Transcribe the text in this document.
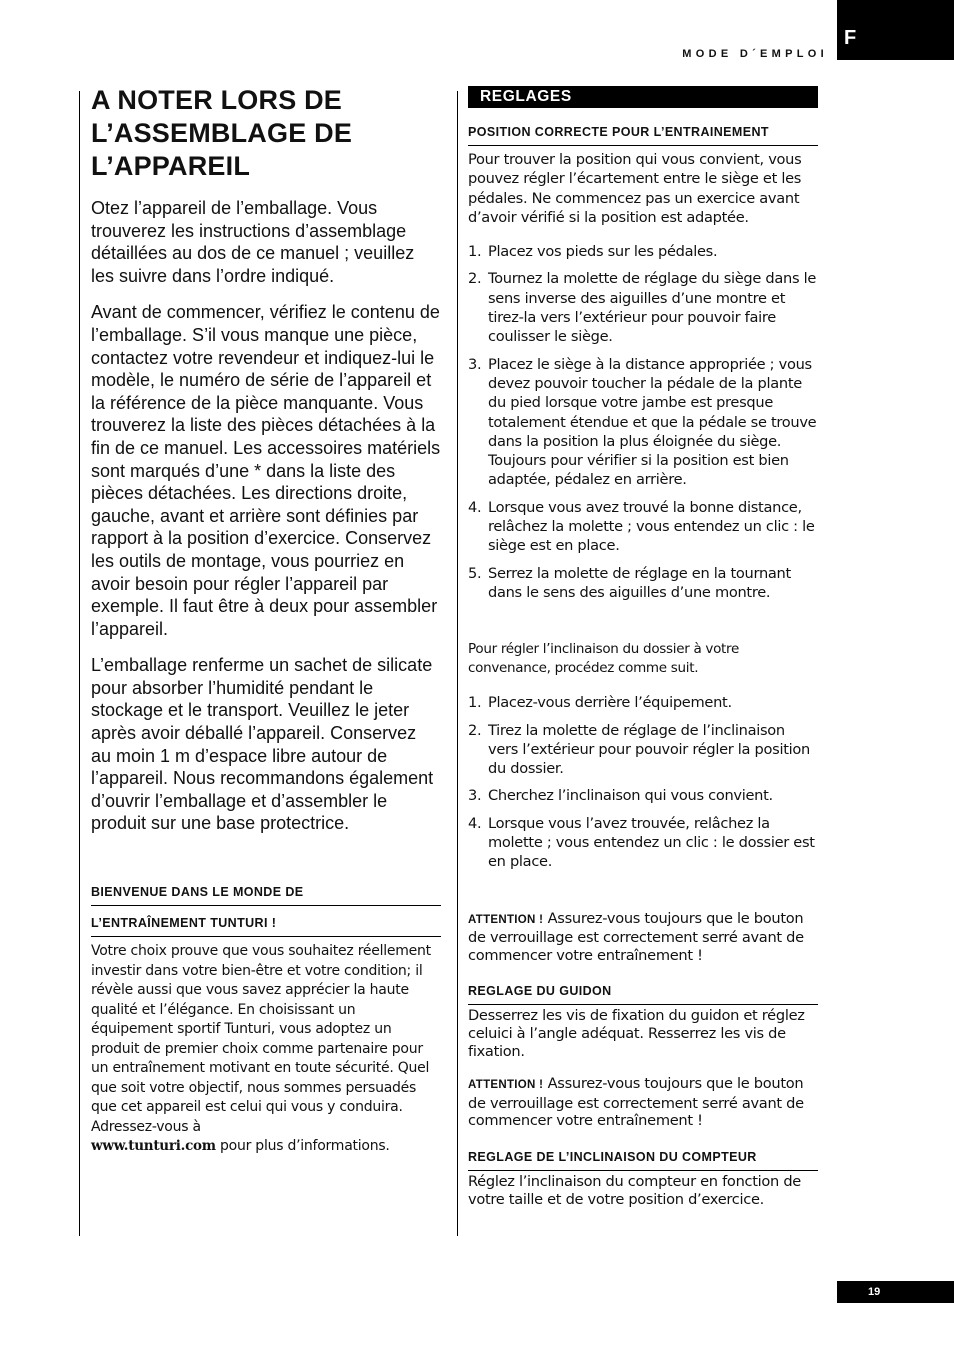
F
MODE D´EMPLOI
A NOTER LORS DE
L’ASSEMBLAGE DE
L’APPAREIL

Otez l’appareil de l’emballage. Vous trouverez les instructions d’assemblage détaillées au dos de ce manuel ; veuillez les suivre dans l’ordre indiqué.

Avant de commencer, vérifiez le contenu de l’emballage. S’il vous manque une pièce, contactez votre revendeur et indiquez-lui le modèle, le numéro de série de l’appareil et la référence de la pièce manquante. Vous trouverez la liste des pièces détachées à la fin de ce manuel. Les accessoires matériels sont marqués d’une * dans la liste des pièces détachées. Les directions droite, gauche, avant et arrière sont définies par rapport à la position d’exercice. Conservez les outils de montage, vous pourriez en avoir besoin pour régler l’appareil par exemple. Il faut être à deux pour assembler l’appareil.

L’emballage renferme un sachet de silicate pour absorber l’humidité pendant le stockage et le transport. Veuillez le jeter après avoir déballé l’appareil. Conservez au moin 1 m d’espace libre autour de l’appareil. Nous recommandons également d’ouvrir l’emballage et d’assembler le produit sur une base protectrice.

BIENVENUE DANS LE MONDE DE
L’ENTRAÎNEMENT TUNTURI !

Votre choix prouve que vous souhaitez réellement investir dans votre bien-être et votre condition; il révèle aussi que vous savez apprécier la haute qualité et l’élégance. En choisissant un équipement sportif Tunturi, vous adoptez un produit de premier choix comme partenaire pour un entraînement motivant en toute sécurité. Quel que soit votre objectif, nous sommes persuadés que cet appareil est celui qui vous y conduira. Adressez-vous à
www.tunturi.com pour plus d’informations.

REGLAGES
POSITION CORRECTE POUR L’ENTRAINEMENT

Pour trouver la position qui vous convient, vous pouvez régler l’écartement entre le siège et les pédales. Ne commencez pas un exercice avant d’avoir vérifié si la position est adaptée.

1. Placez vos pieds sur les pédales.
2. Tournez la molette de réglage du siège dans le sens inverse des aiguilles d’une montre et tirez-la vers l’extérieur pour pouvoir faire coulisser le siège.
3. Placez le siège à la distance appropriée ; vous devez pouvoir toucher la pédale de la plante du pied lorsque votre jambe est presque totalement étendue et que la pédale se trouve dans la position la plus éloignée du siège. Toujours pour vérifier si la position est bien adaptée, pédalez en arrière.
4. Lorsque vous avez trouvé la bonne distance, relâchez la molette ; vous entendez un clic : le siège est en place.
5. Serrez la molette de réglage en la tournant dans le sens des aiguilles d’une montre.

Pour régler l’inclinaison du dossier à votre convenance, procédez comme suit.

1. Placez-vous derrière l’équipement.
2. Tirez la molette de réglage de l’inclinaison vers l’extérieur pour pouvoir régler la position du dossier.
3. Cherchez l’inclinaison qui vous convient.
4. Lorsque vous l’avez trouvée, relâchez la molette ; vous entendez un clic : le dossier est en place.

ATTENTION ! Assurez-vous toujours que le bouton de verrouillage est correctement serré avant de commencer votre entraînement !

REGLAGE DU GUIDON

Desserrez les vis de fixation du guidon et réglez celuici à l’angle adéquat. Resserrez les vis de fixation.

ATTENTION ! Assurez-vous toujours que le bouton de verrouillage est correctement serré avant de commencer votre entraînement !

REGLAGE DE L’INCLINAISON DU COMPTEUR

Réglez l’inclinaison du compteur en fonction de votre taille et de votre position d’exercice.

19
